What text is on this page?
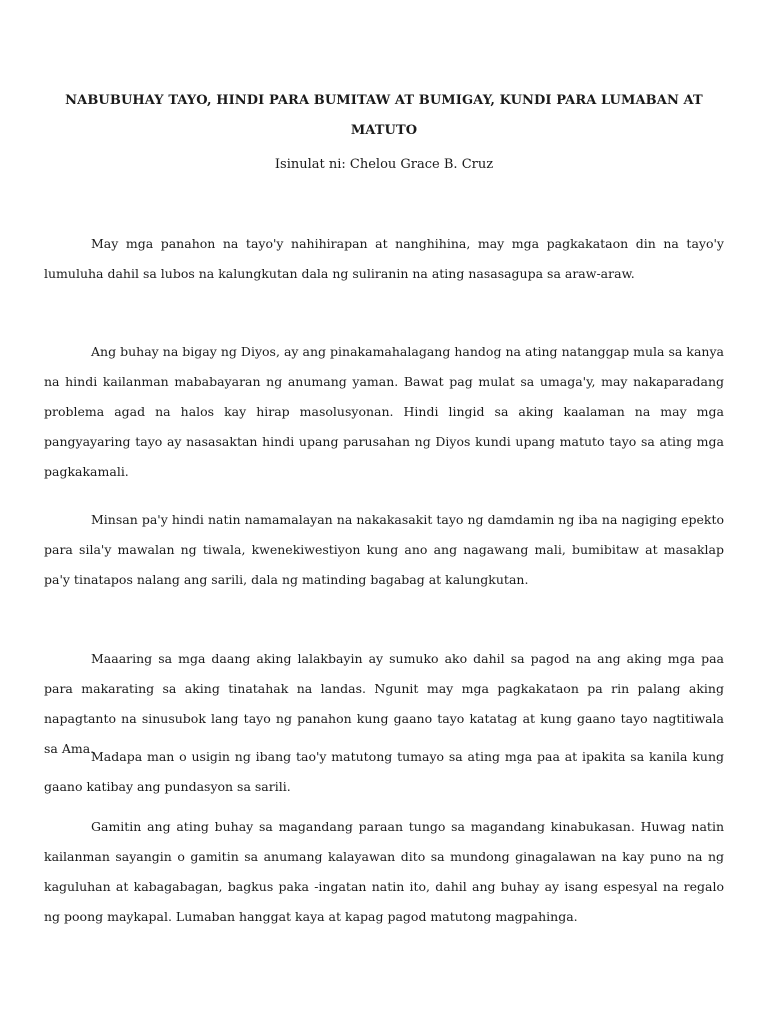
NABUBUHAY TAYO, HINDI PARA BUMITAW AT BUMIGAY, KUNDI PARA LUMABAN AT MATUTO
Isinulat ni: Chelou Grace B. Cruz

May mga panahon na tayo'y nahihirapan at nanghihina, may mga pagkakataon din na tayo'y lumuluha dahil sa lubos na kalungkutan dala ng suliranin na ating nasasagupa sa araw-araw.

Ang buhay na bigay ng Diyos, ay ang pinakamahalagang handog na ating natanggap mula sa kanya na hindi kailanman mababayaran ng anumang yaman. Bawat pag mulat sa umaga'y, may nakaparadang problema agad na halos kay hirap masolusyonan. Hindi lingid sa aking kaalaman na may mga pangyayaring tayo ay nasasaktan hindi upang parusahan ng Diyos kundi upang matuto tayo sa ating mga pagkakamali.

Minsan pa'y hindi natin namamalayan na nakakasakit tayo ng damdamin ng iba na nagiging epekto para sila'y mawalan ng tiwala, kwenekiwestiyon kung ano ang nagawang mali, bumibitaw at masaklap pa'y tinatapos nalang ang sarili, dala ng matinding bagabag at kalungkutan.

Maaaring sa mga daang aking lalakbayin ay sumuko ako dahil sa pagod na ang aking mga paa para makarating sa aking tinatahak na landas. Ngunit may mga pagkakataon pa rin palang aking napagtanto na sinusubok lang tayo ng panahon kung gaano tayo katatag at kung gaano tayo nagtitiwala sa Ama.

Madapa man o usigin ng ibang tao'y matutong tumayo sa ating mga paa at ipakita sa kanila kung gaano katibay ang pundasyon sa sarili.

Gamitin ang ating buhay sa magandang paraan tungo sa magandang kinabukasan. Huwag natin kailanman sayangin o gamitin sa anumang kalayawan dito sa mundong ginagalawan na kay puno na ng kaguluhan at kabagabagan, bagkus paka -ingatan natin ito, dahil ang buhay ay isang espesyal na regalo ng poong maykapal. Lumaban hanggat kaya at kapag pagod matutong magpahinga.
